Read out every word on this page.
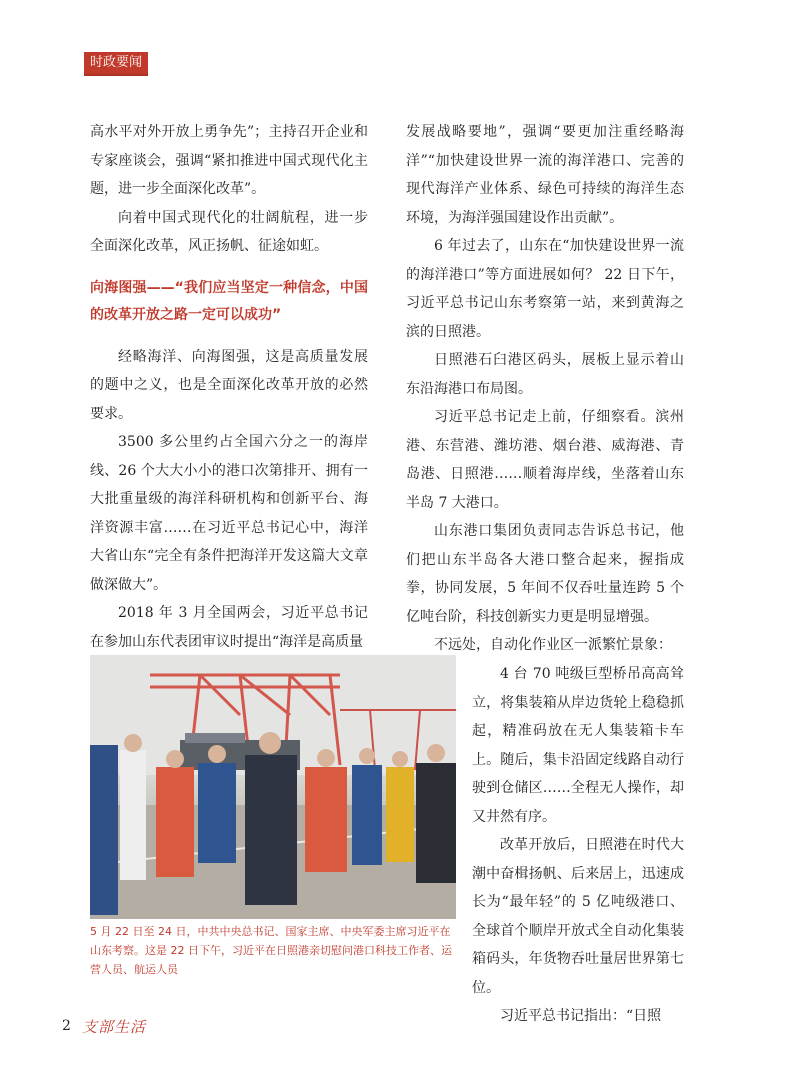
时政要闻

高水平对外开放上勇争先”；主持召开企业和专家座谈会，强调“紧扣推进中国式现代化主题，进一步全面深化改革”。

向着中国式现代化的壮阔航程，进一步全面深化改革，风正扬帆、征途如虹。

向海图强——“我们应当坚定一种信念，中国的改革开放之路一定可以成功”

经略海洋、向海图强，这是高质量发展的题中之义，也是全面深化改革开放的必然要求。

3500 多公里约占全国六分之一的海岸线、26 个大大小小的港口次第排开、拥有一大批重量级的海洋科研机构和创新平台、海洋资源丰富……在习近平总书记心中，海洋大省山东“完全有条件把海洋开发这篇大文章做深做大”。

2018 年 3 月全国两会，习近平总书记在参加山东代表团审议时提出“海洋是高质量

发展战略要地”，强调“要更加注重经略海洋”“加快建设世界一流的海洋港口、完善的现代海洋产业体系、绿色可持续的海洋生态环境，为海洋强国建设作出贡献”。

6 年过去了，山东在“加快建设世界一流的海洋港口”等方面进展如何？ 22 日下午，习近平总书记山东考察第一站，来到黄海之滨的日照港。

日照港石臼港区码头，展板上显示着山东沿海港口布局图。

习近平总书记走上前，仔细察看。滨州港、东营港、潍坊港、烟台港、威海港、青岛港、日照港……顺着海岸线，坐落着山东半岛 7 大港口。

山东港口集团负责同志告诉总书记，他们把山东半岛各大港口整合起来，握指成拳，协同发展，5 年间不仅吞吐量连跨 5 个亿吨台阶，科技创新实力更是明显增强。

不远处，自动化作业区一派繁忙景象：

5 月 22 日至 24 日，中共中央总书记、国家主席、中央军委主席习近平在山东考察。这是 22 日下午，习近平在日照港亲切慰问港口科技工作者、运营人员、航运人员

4 台 70 吨级巨型桥吊高高耸立，将集装箱从岸边货轮上稳稳抓起，精准码放在无人集装箱卡车上。随后，集卡沿固定线路自动行驶到仓储区……全程无人操作，却又井然有序。

改革开放后，日照港在时代大潮中奋楫扬帆、后来居上，迅速成长为“最年轻”的 5 亿吨级港口、全球首个顺岸开放式全自动化集装箱码头，年货物吞吐量居世界第七位。

习近平总书记指出：“日照

2 支部生活
